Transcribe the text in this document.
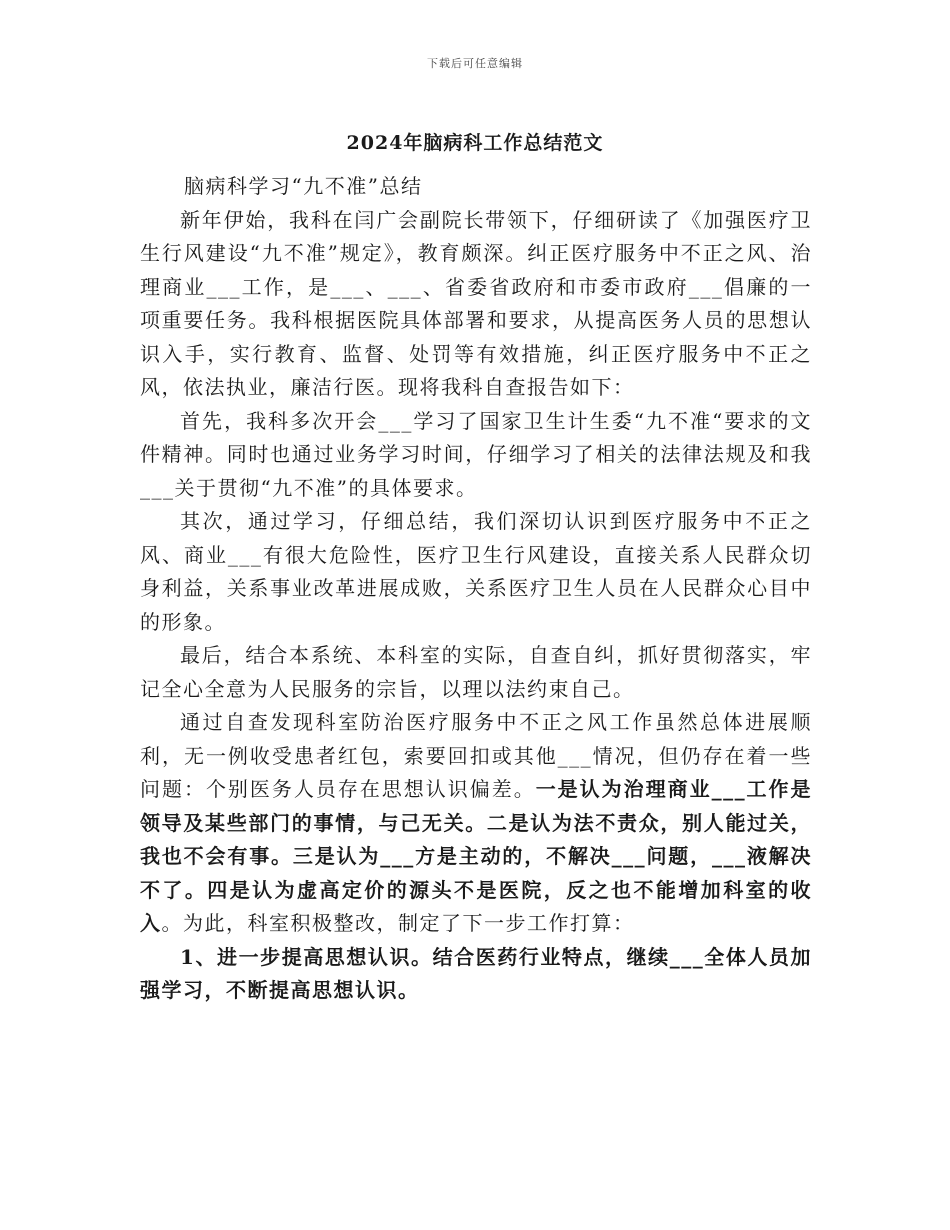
下载后可任意编辑
2024年脑病科工作总结范文

脑病科学习“九不准”总结

新年伊始，我科在闫广会副院长带领下，仔细研读了《加强医疗卫生行风建设“九不准”规定》，教育颇深。纠正医疗服务中不正之风、治理商业___工作，是___、___、省委省政府和市委市政府___倡廉的一项重要任务。我科根据医院具体部署和要求，从提高医务人员的思想认识入手，实行教育、监督、处罚等有效措施，纠正医疗服务中不正之风，依法执业，廉洁行医。现将我科自查报告如下：

首先，我科多次开会___学习了国家卫生计生委“九不准“要求的文件精神。同时也通过业务学习时间，仔细学习了相关的法律法规及和我___关于贯彻“九不准”的具体要求。

其次，通过学习，仔细总结，我们深切认识到医疗服务中不正之风、商业___有很大危险性，医疗卫生行风建设，直接关系人民群众切身利益，关系事业改革进展成败，关系医疗卫生人员在人民群众心目中的形象。

最后，结合本系统、本科室的实际，自查自纠，抓好贯彻落实，牢记全心全意为人民服务的宗旨，以理以法约束自己。

通过自查发现科室防治医疗服务中不正之风工作虽然总体进展顺利，无一例收受患者红包，索要回扣或其他___情况，但仍存在着一些问题：个别医务人员存在思想认识偏差。一是认为治理商业___工作是领导及某些部门的事情，与己无关。二是认为法不责众，别人能过关，我也不会有事。三是认为___方是主动的，不解决___问题，___液解决不了。四是认为虚高定价的源头不是医院，反之也不能增加科室的收入。为此，科室积极整改，制定了下一步工作打算：

1、进一步提高思想认识。结合医药行业特点，继续___全体人员加强学习，不断提高思想认识。
